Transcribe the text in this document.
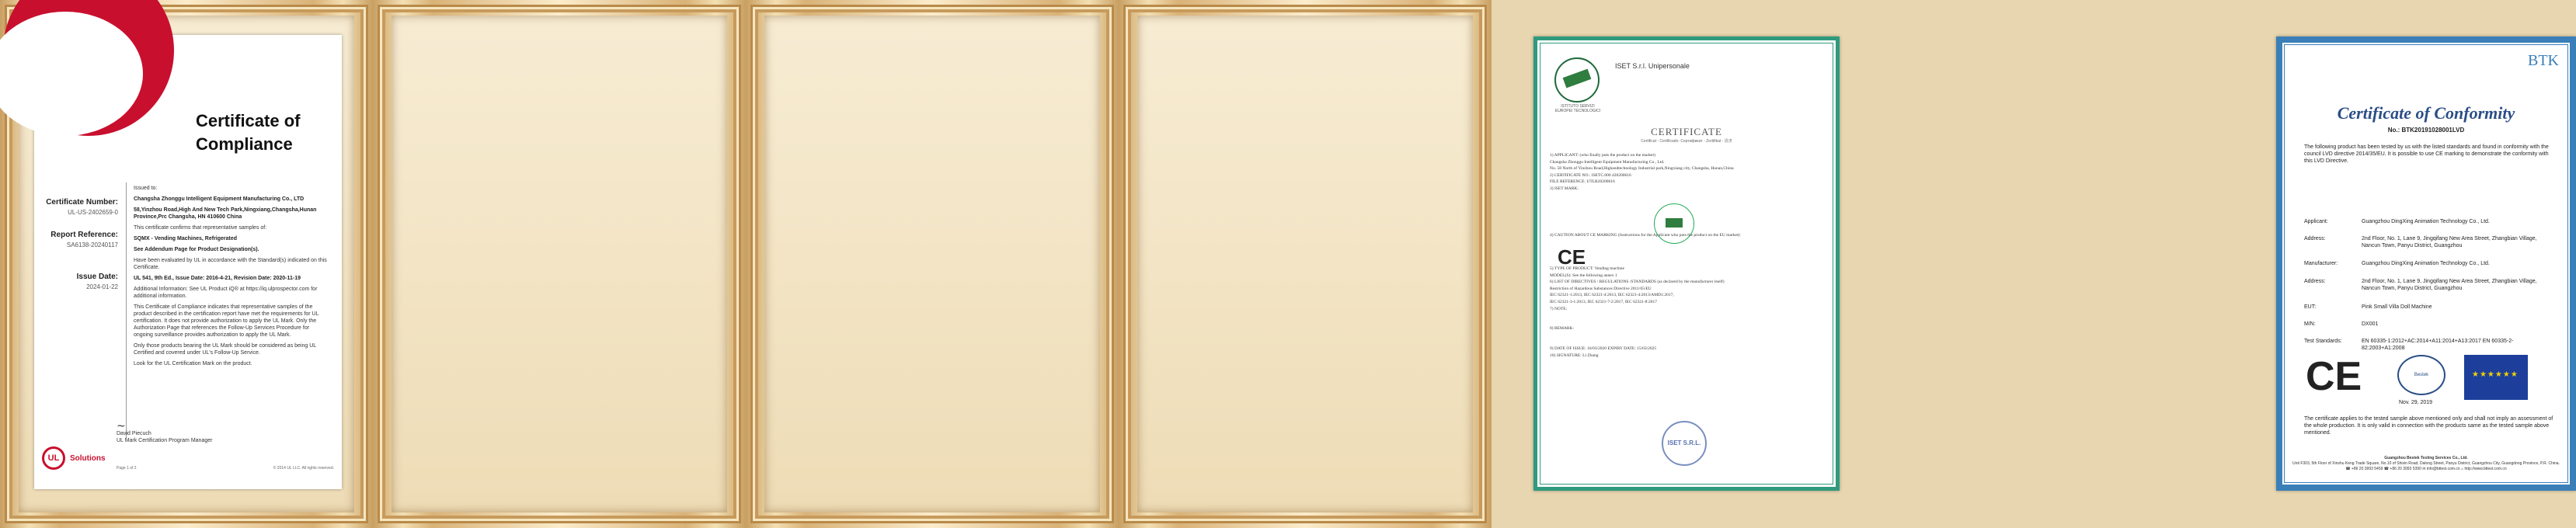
Certificate of
Compliance
Certificate Number:
UL-US-2402659-0
Report Reference:
SA6138-20240117
Issue Date:
2024-01-22

Issued to:

Changsha Zhonggu Intelligent Equipment Manufacturing Co., LTD

58,Yinzhou Road,High And New Tech Park,Ningxiang,Changsha,Hunan Province,Prc Changsha, HN 410600 China

This certificate confirms that representative samples of:

SQMX - Vending Machines, Refrigerated

See Addendum Page for Product Designation(s).

Have been evaluated by UL in accordance with the Standard(s) indicated on this Certificate.

UL 541, 9th Ed., Issue Date: 2016-4-21, Revision Date: 2020-11-19

Additional Information: See UL Product iQ® at https://iq.ulprospector.com for additional information.

This Certificate of Compliance indicates that representative samples of the product described in the certification report have met the requirements for UL certification. It does not provide authorization to apply the UL Mark. Only the Authorization Page that references the Follow-Up Services Procedure for ongoing surveillance provides authorization to apply the UL Mark.

Only those products bearing the UL Mark should be considered as being UL Certified and covered under UL's Follow-Up Service.

Look for the UL Certification Mark on the product.

~
David Piecuch
UL Mark Certification Program Manager
UL	Solutions
Page 1 of 2	© 2014 UL LLC. All rights reserved.
ISTITUTO SERVIZI EUROPEI TECNOLOGICI
ISET S.r.l. Unipersonale
CERTIFICATE
Certificat - Certificado- Сертификат - Zertifikat - 證書
1) APPLICANT: (who finally puts the product on the market)
Changsha Zhonggu Intelligent Equipment Manufacturing Co., Ltd.
No. 58 North of Yinzhou Road,Highandtechnology Industrial park,Ningxiang city, Changsha, Hunan,China
2) CERTIFICATE NO.: ISETC.000 420200616
FILE REFERENCE: UTLR20200616
3) ISET MARK:
4) CAUTION ABOUT CE MARKING (Instructions for the Applicant who puts the product on the EU market):
5) TYPE OF PRODUCT: Vending machine
MODEL(S): See the following annex 1
6) LIST OF DIRECTIVES / REGULATIONS /STANDARDS (as declared by the manufacturer itself)
Restriction of Hazardous Substances Directive 2011/65/EU
IEC 62321-1:2013, IEC 62321-4:2013, IEC 62321-4:2013/AMD1:2017,
IEC 62321-3-1:2013, IEC 62321-7-2:2017, IEC 62321-8:2017
7) NOTE:
8) REMARK:
9) DATE OF ISSUE: 16/03/2020 EXPIRY DATE: 15/03/2025
10) SIGNATURE: Li Zhang
CE
ISET S.R.L.
BTK
Certificate of Conformity
No.: BTK20191028001LVD
The following product has been tested by us with the listed standards and found in conformity with the council LVD directive 2014/35/EU. It is possible to use CE marking to demonstrate the conformity with this LVD Directive.
Applicant:	Guangzhou DingXing Animation Technology Co., Ltd.
Address:	2nd Floor, No. 1, Lane 9, Jingqifang New Area Street, Zhangbian Village, Nancun Town, Panyu District, Guangzhou
Manufacturer:	Guangzhou DingXing Animation Technology Co., Ltd.
Address:	2nd Floor, No. 1, Lane 9, Jingqifang New Area Street, Zhangbian Village, Nancun Town, Panyu District, Guangzhou
EUT:	Pink Small Villa Doll Machine
M/N:	DX001
Test Standards:	EN 60335-1:2012+AC:2014+A11:2014+A13:2017 EN 60335-2-82:2003+A1:2008
CE	Bestek
Nov. 29, 2019
★★★★★★
The certificate applies to the tested sample above mentioned only and shall not imply an assessment of the whole production. It is only valid in connection with the products same as the tested sample above mentioned.
Guangzhou Bestek Testing Services Co., Ltd.
Unit F303, 5th Floor of Xinshu Keng Trade Square, No.10 of Shixin Road, Dalong Street, Panyu District, Guangzhou City, Guangdong Province, P.R. China.
☎ +86 20 3993 5459 ☎ +86 20 3993 5390 ✉ info@bttest.com.cn ⌂ http://www.bttest.com.cn
